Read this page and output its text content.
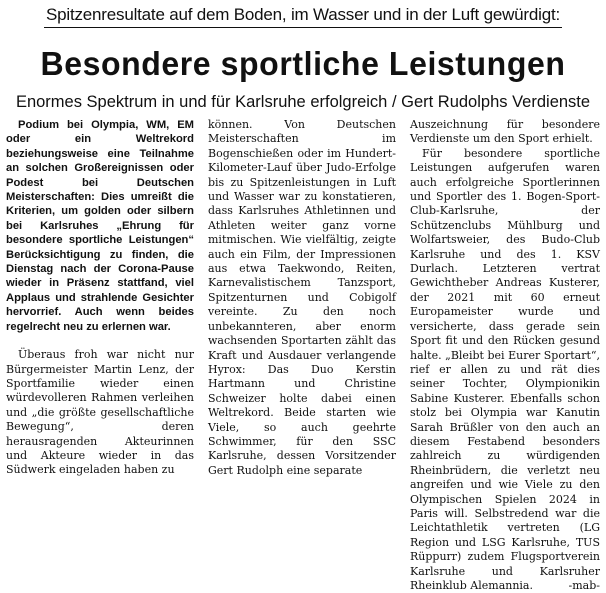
Spitzenresultate auf dem Boden, im Wasser und in der Luft gewürdigt:
Besondere sportliche Leistungen
Enormes Spektrum in und für Karlsruhe erfolgreich / Gert Rudolphs Verdienste

Podium bei Olympia, WM, EM oder ein Weltrekord beziehungsweise eine Teilnahme an solchen Großereignissen oder Podest bei Deutschen Meisterschaften: Dies umreißt die Kriterien, um golden oder silbern bei Karlsruhes „Ehrung für besondere sportliche Leistungen“ Berücksichtigung zu finden, die Dienstag nach der Corona-Pause wieder in Präsenz stattfand, viel Applaus und strahlende Gesichter hervorrief. Auch wenn beides regelrecht neu zu erlernen war.

Überaus froh war nicht nur Bürgermeister Martin Lenz, der Sportfamilie wieder einen würdevolleren Rahmen verleihen und „die größte gesellschaftliche Bewegung“, deren herausragenden Akteurinnen und Akteure wieder in das Südwerk eingeladen haben zu

können. Von Deutschen Meisterschaften im Bogenschießen oder im Hundert-Kilometer-Lauf über Judo-Erfolge bis zu Spitzenleistungen in Luft und Wasser war zu konstatieren, dass Karlsruhes Athletinnen und Athleten weiter ganz vorne mitmischen. Wie vielfältig, zeigte auch ein Film, der Impressionen aus etwa Taekwondo, Reiten, Karnevalistischem Tanzsport, Spitzenturnen und Cobigolf vereinte. Zu den noch unbekannteren, aber enorm wachsenden Sportarten zählt das Kraft und Ausdauer verlangende Hyrox: Das Duo Kerstin Hartmann und Christine Schweizer holte dabei einen Weltrekord. Beide starten wie Viele, so auch geehrte Schwimmer, für den SSC Karlsruhe, dessen Vorsitzender Gert Rudolph eine separate

Auszeichnung für besondere Verdienste um den Sport erhielt.

Für besondere sportliche Leistungen aufgerufen waren auch erfolgreiche Sportlerinnen und Sportler des 1. Bogen-Sport-Club-Karlsruhe, der Schützenclubs Mühlburg und Wolfartsweier, des Budo-Club Karlsruhe und des 1. KSV Durlach. Letzteren vertrat Gewichtheber Andreas Kusterer, der 2021 mit 60 erneut Europameister wurde und versicherte, dass gerade sein Sport fit und den Rücken gesund halte. „Bleibt bei Eurer Sportart“, rief er allen zu und rät dies seiner Tochter, Olympionikin Sabine Kusterer. Ebenfalls schon stolz bei Olympia war Kanutin Sarah Brüßler von den auch an diesem Festabend besonders zahlreich zu würdigenden Rheinbrüdern, die verletzt neu angreifen und wie Viele zu den Olympischen Spielen 2024 in Paris will. Selbstredend war die Leichtathletik vertreten (LG Region und LSG Karlsruhe, TUS Rüppurr) zudem Flugsportverein Karlsruhe und Karlsruher Rheinklub Alemannia.	-mab-
